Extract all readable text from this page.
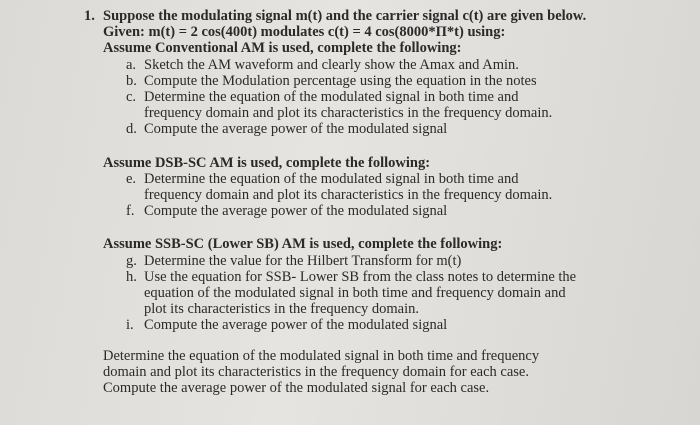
1. Suppose the modulating signal m(t) and the carrier signal c(t) are given below.
Given: m(t) = 2 cos(400t) modulates c(t) = 4 cos(8000*Π*t) using:
Assume Conventional AM is used, complete the following:
a. Sketch the AM waveform and clearly show the Amax and Amin.
b. Compute the Modulation percentage using the equation in the notes
c. Determine the equation of the modulated signal in both time and
frequency domain and plot its characteristics in the frequency domain.
d. Compute the average power of the modulated signal
Assume DSB-SC AM is used, complete the following:
e. Determine the equation of the modulated signal in both time and
frequency domain and plot its characteristics in the frequency domain.
f. Compute the average power of the modulated signal
Assume SSB-SC (Lower SB) AM is used, complete the following:
g. Determine the value for the Hilbert Transform for m(t)
h. Use the equation for SSB- Lower SB from the class notes to determine the
equation of the modulated signal in both time and frequency domain and
plot its characteristics in the frequency domain.
i. Compute the average power of the modulated signal
Determine the equation of the modulated signal in both time and frequency
domain and plot its characteristics in the frequency domain for each case.
Compute the average power of the modulated signal for each case.
